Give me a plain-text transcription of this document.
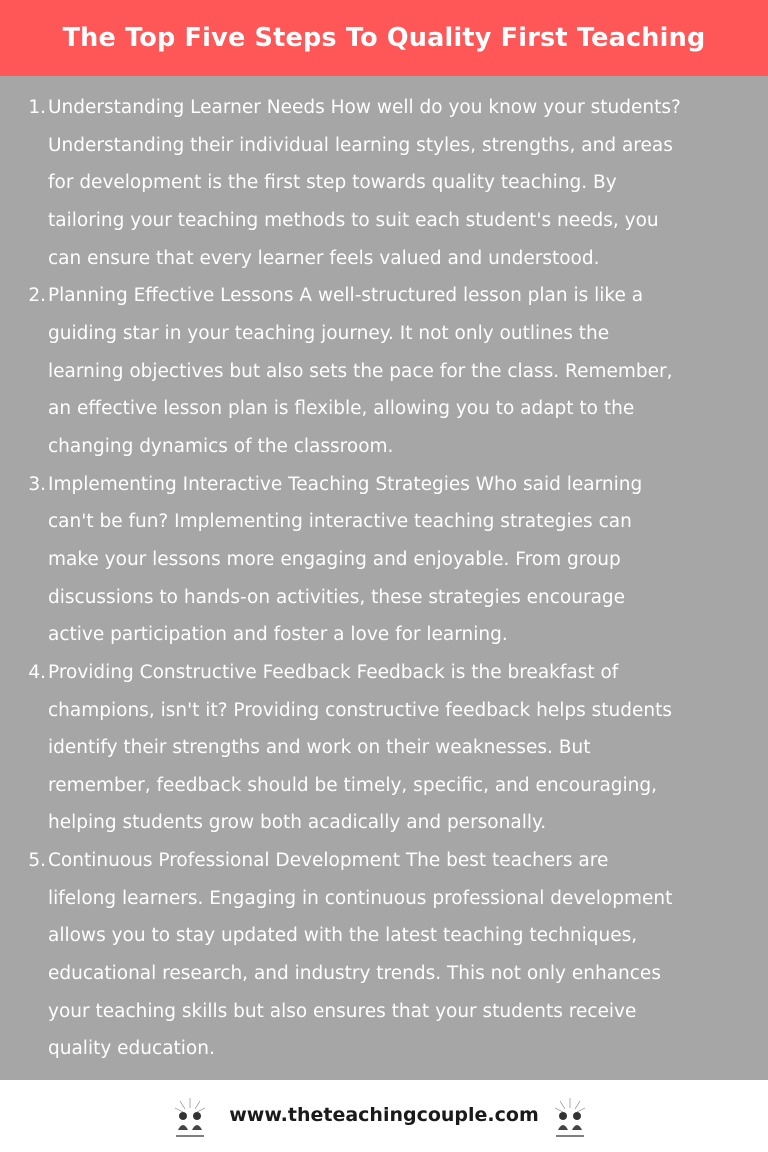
The Top Five Steps To Quality First Teaching
1. Understanding Learner Needs How well do you know your students?
Understanding their individual learning styles, strengths, and areas
for development is the first step towards quality teaching. By
tailoring your teaching methods to suit each student's needs, you
can ensure that every learner feels valued and understood.
2. Planning Effective Lessons A well-structured lesson plan is like a
guiding star in your teaching journey. It not only outlines the
learning objectives but also sets the pace for the class. Remember,
an effective lesson plan is flexible, allowing you to adapt to the
changing dynamics of the classroom.
3. Implementing Interactive Teaching Strategies Who said learning
can't be fun? Implementing interactive teaching strategies can
make your lessons more engaging and enjoyable. From group
discussions to hands-on activities, these strategies encourage
active participation and foster a love for learning.
4. Providing Constructive Feedback Feedback is the breakfast of
champions, isn't it? Providing constructive feedback helps students
identify their strengths and work on their weaknesses. But
remember, feedback should be timely, specific, and encouraging,
helping students grow both acadically and personally.
5. Continuous Professional Development The best teachers are
lifelong learners. Engaging in continuous professional development
allows you to stay updated with the latest teaching techniques,
educational research, and industry trends. This not only enhances
your teaching skills but also ensures that your students receive
quality education.
www.theteachingcouple.com
